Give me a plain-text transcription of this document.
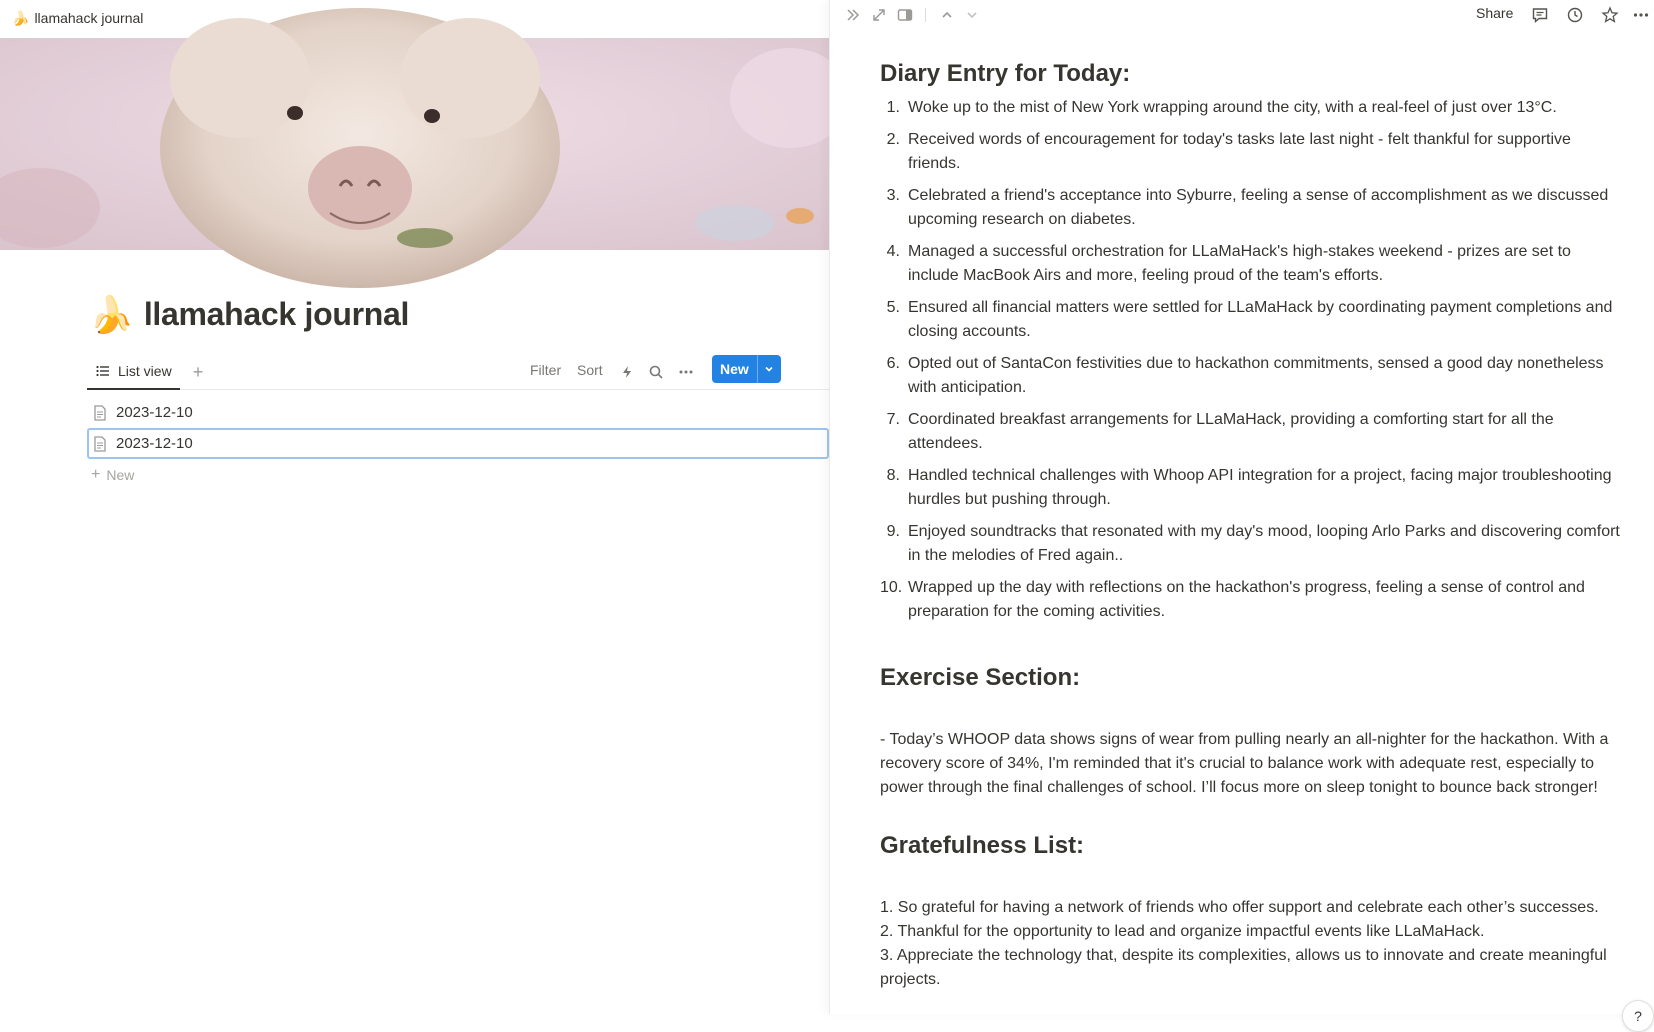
🍌 llamahack journal
🍌 llamahack journal
List view	+	Filter Sort	New
2023-12-10
2023-12-10
+ New
Share
Diary Entry for Today:
1. Woke up to the mist of New York wrapping around the city, with a real-feel of just over 13°C.
2. Received words of encouragement for today's tasks late last night - felt thankful for supportive friends.
3. Celebrated a friend's acceptance into Syburre, feeling a sense of accomplishment as we discussed upcoming research on diabetes.
4. Managed a successful orchestration for LLaMaHack's high-stakes weekend - prizes are set to include MacBook Airs and more, feeling proud of the team's efforts.
5. Ensured all financial matters were settled for LLaMaHack by coordinating payment completions and closing accounts.
6. Opted out of SantaCon festivities due to hackathon commitments, sensed a good day nonetheless with anticipation.
7. Coordinated breakfast arrangements for LLaMaHack, providing a comforting start for all the attendees.
8. Handled technical challenges with Whoop API integration for a project, facing major troubleshooting hurdles but pushing through.
9. Enjoyed soundtracks that resonated with my day's mood, looping Arlo Parks and discovering comfort in the melodies of Fred again..
10. Wrapped up the day with reflections on the hackathon's progress, feeling a sense of control and preparation for the coming activities.
Exercise Section:

- Today’s WHOOP data shows signs of wear from pulling nearly an all-nighter for the hackathon. With a recovery score of 34%, I'm reminded that it's crucial to balance work with adequate rest, especially to power through the final challenges of school. I’ll focus more on sleep tonight to bounce back stronger!

Gratefulness List:
1. So grateful for having a network of friends who offer support and celebrate each other’s successes.
2. Thankful for the opportunity to lead and organize impactful events like LLaMaHack.
3. Appreciate the technology that, despite its complexities, allows us to innovate and create meaningful projects.
?
